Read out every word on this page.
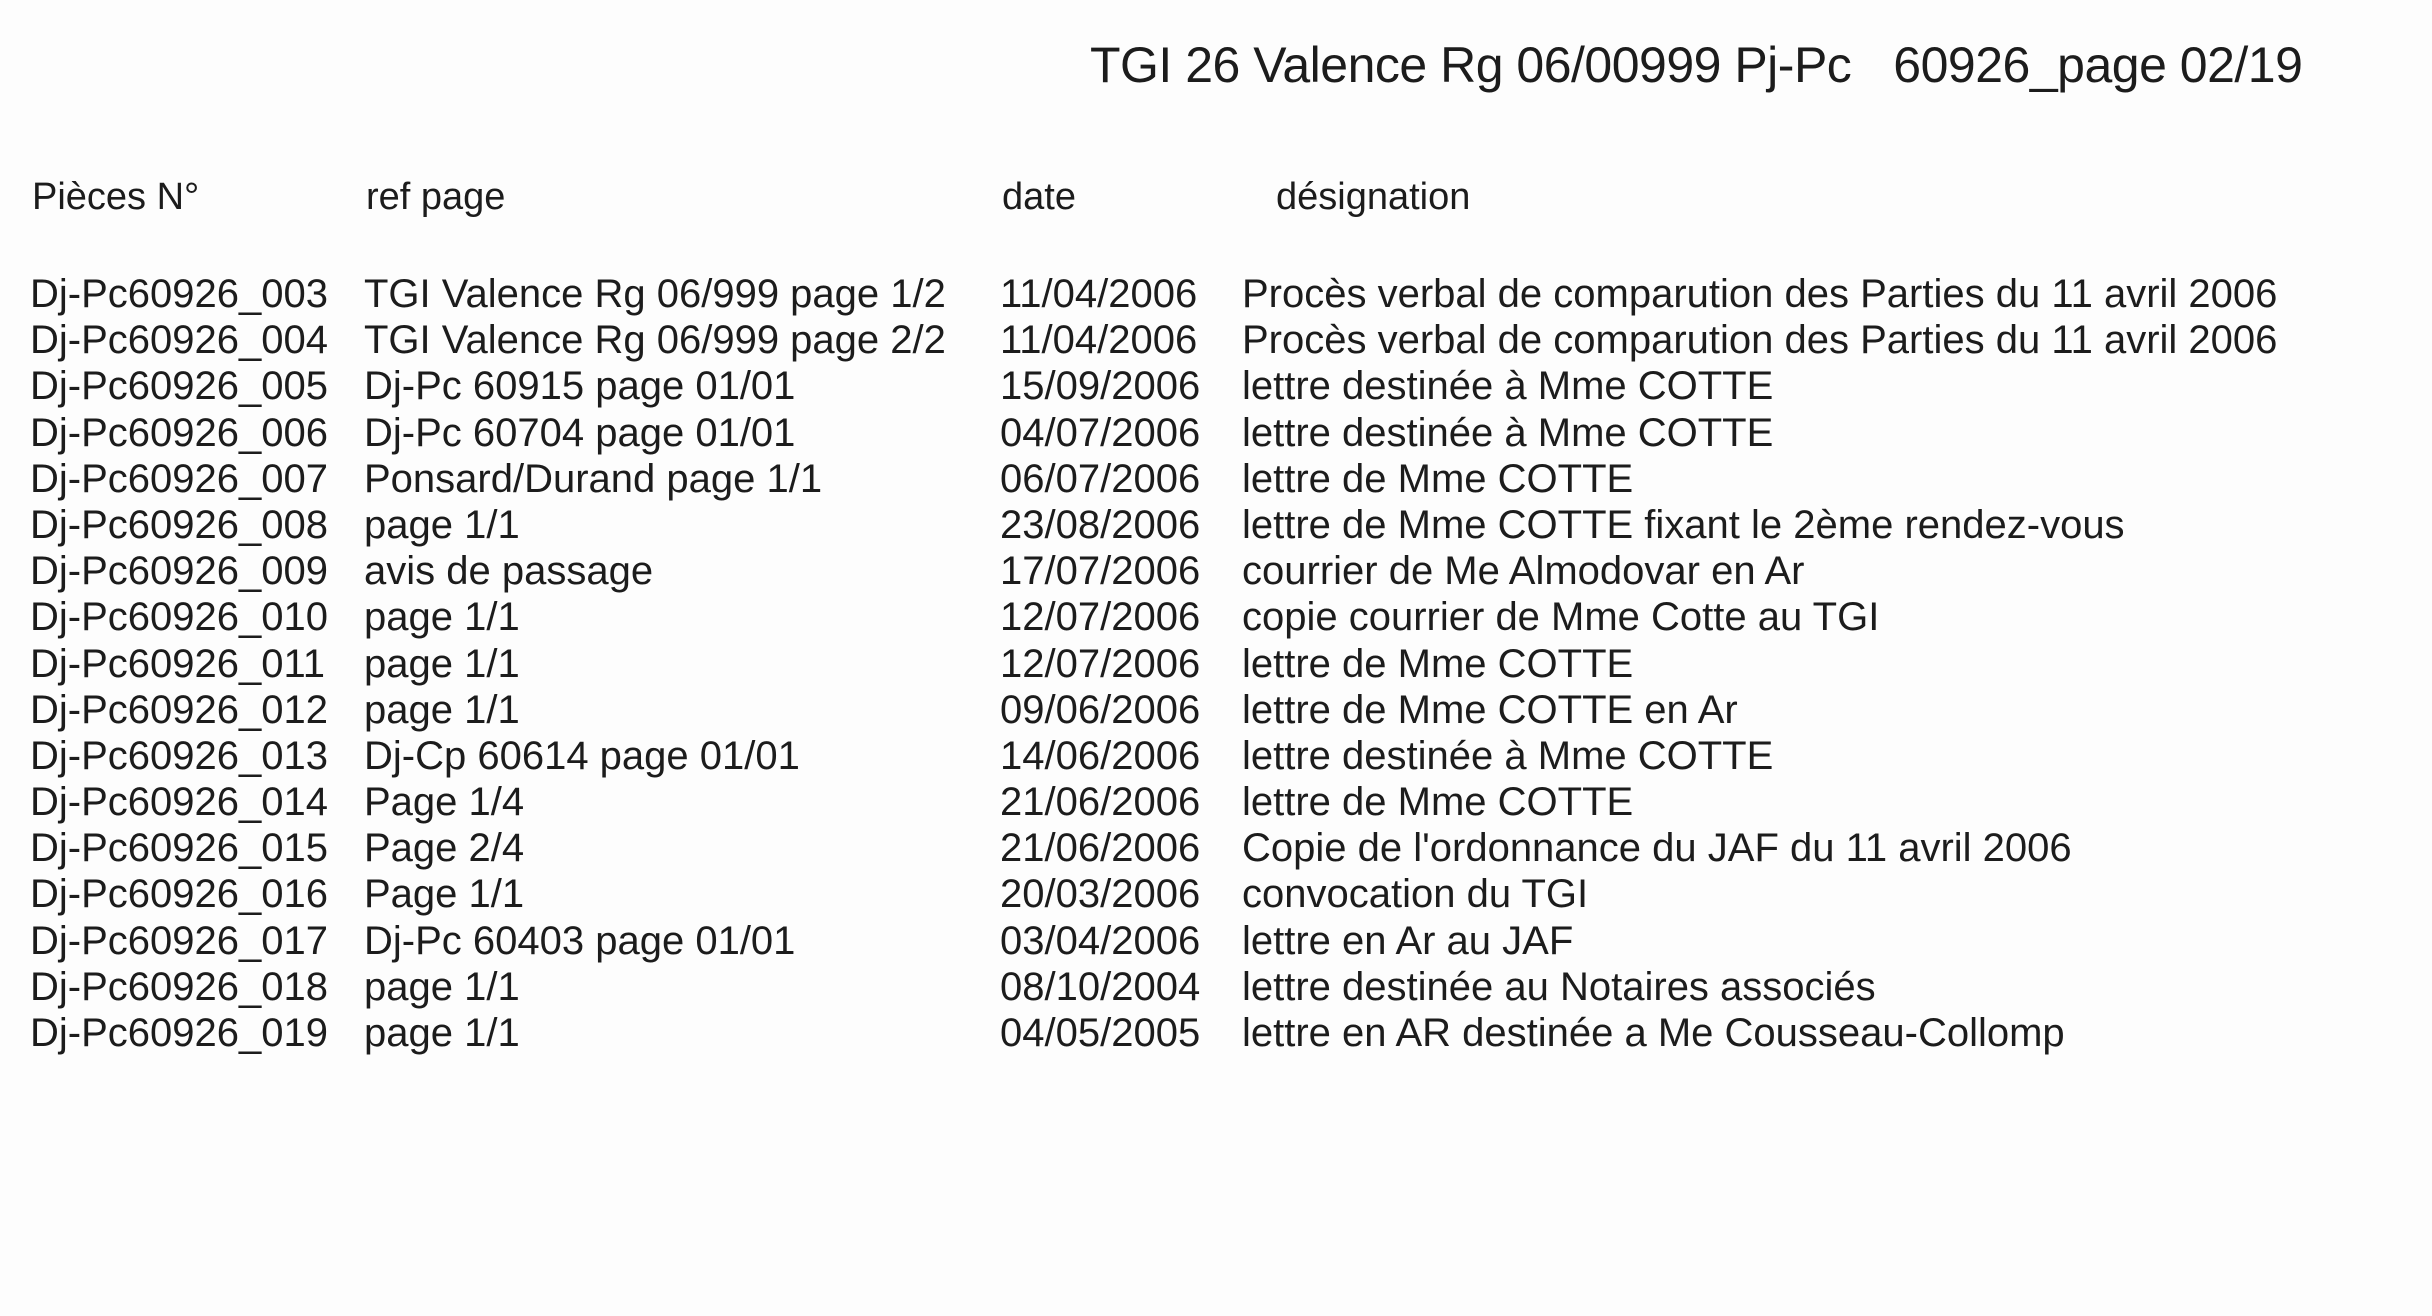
TGI 26 Valence Rg 06/00999 Pj-Pc 60926_page 02/19
Pièces N°	ref page	date	désignation
Dj-Pc60926_003 TGI Valence Rg 06/999 page 1/2 11/04/2006 Procès verbal de comparution des Parties du 11 avril 2006
Dj-Pc60926_004 TGI Valence Rg 06/999 page 2/2 11/04/2006 Procès verbal de comparution des Parties du 11 avril 2006
Dj-Pc60926_005 Dj-Pc 60915 page 01/01	15/09/2006 lettre destinée à Mme COTTE
Dj-Pc60926_006 Dj-Pc 60704 page 01/01	04/07/2006 lettre destinée à Mme COTTE
Dj-Pc60926_007 Ponsard/Durand page 1/1	06/07/2006 lettre de Mme COTTE
Dj-Pc60926_008 page 1/1	23/08/2006 lettre de Mme COTTE fixant le 2ème rendez-vous
Dj-Pc60926_009 avis de passage	17/07/2006 courrier de Me Almodovar en Ar
Dj-Pc60926_010 page 1/1	12/07/2006 copie courrier de Mme Cotte au TGI
Dj-Pc60926_011 page 1/1	12/07/2006 lettre de Mme COTTE
Dj-Pc60926_012 page 1/1	09/06/2006 lettre de Mme COTTE en Ar
Dj-Pc60926_013 Dj-Cp 60614 page 01/01	14/06/2006 lettre destinée à Mme COTTE
Dj-Pc60926_014 Page 1/4	21/06/2006 lettre de Mme COTTE
Dj-Pc60926_015 Page 2/4	21/06/2006 Copie de l'ordonnance du JAF du 11 avril 2006
Dj-Pc60926_016 Page 1/1	20/03/2006 convocation du TGI
Dj-Pc60926_017 Dj-Pc 60403 page 01/01	03/04/2006 lettre en Ar au JAF
Dj-Pc60926_018 page 1/1	08/10/2004 lettre destinée au Notaires associés
Dj-Pc60926_019 page 1/1	04/05/2005 lettre en AR destinée a Me Cousseau-Collomp
